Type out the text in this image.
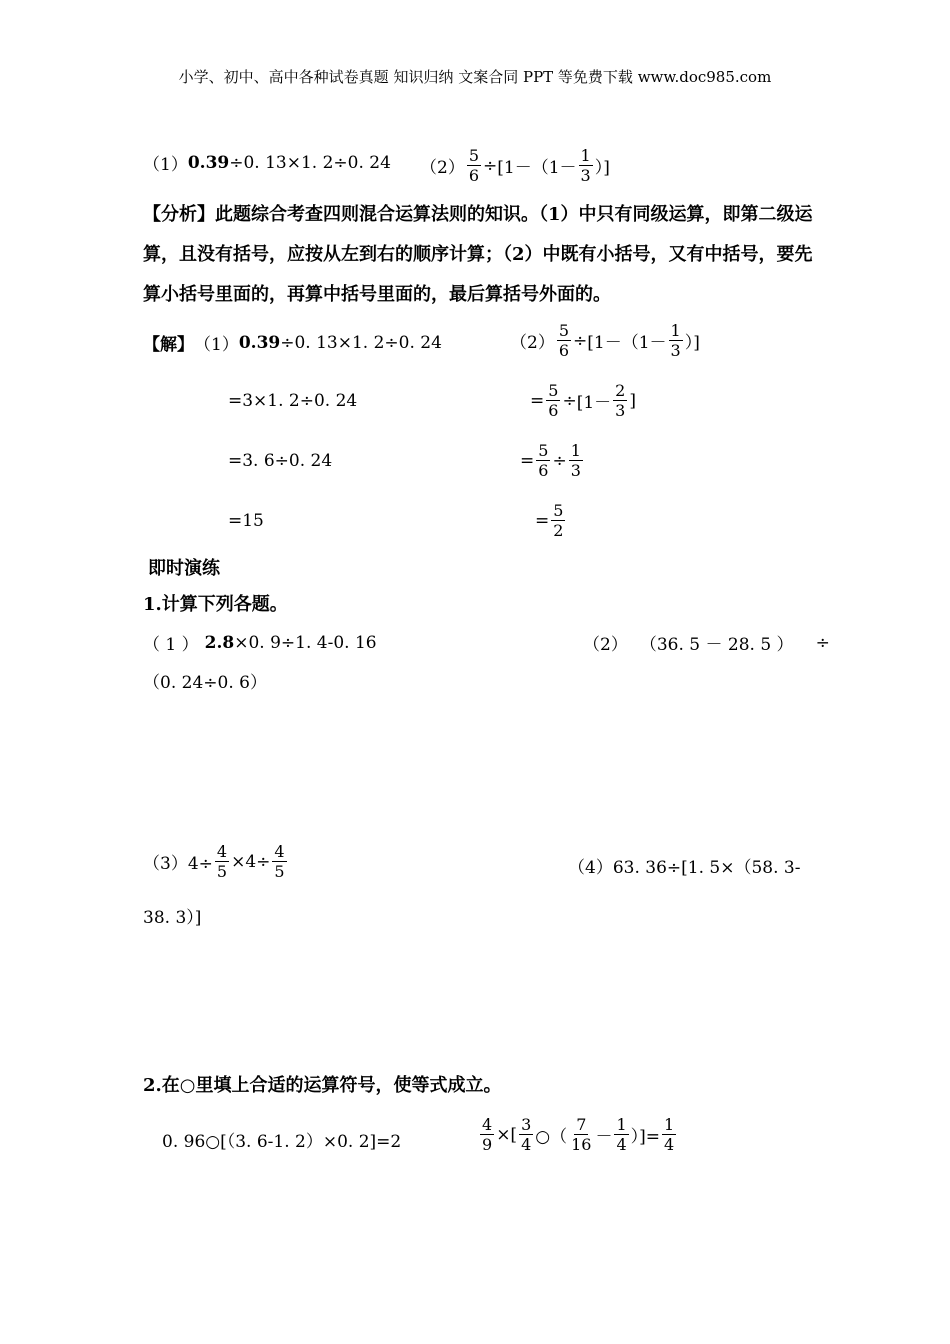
小学、初中、高中各种试卷真题 知识归纳 文案合同 PPT 等免费下载 www.doc985.com
（1） 0.39 ÷0. 13×1. 2÷0. 24 $(2) \frac{5}{6} \div [1-(1- \frac{1}{3}$ ）]
【分析】此题综合考查四则混合运算法则的知识。（1）中只有同级运算，即第二级运算，且没有括号，应按从左到右的顺序计算；（2）中既有小括号，又有中括号，要先算小括号里面的，再算中括号里面的，最后算括号外面的。
【解】 （1） 0.39 ÷0. 13×1. 2÷0. 24
=3×1. 2÷0. 24
=3. 6÷0. 24
=15
$(2) \frac{5}{6} \div [1-(1- \frac{1}{3}$ ）]
= $\frac{5}{6} \div [1- \frac{2}{3}$ ]
= $\frac{5}{6} \div \frac{1}{3}$
= $\frac{5}{2}$
即时演练
1.计算下列各题。
（ 1 ） 2.8 ×0. 9÷1. 4-0. 16	（2） （36. 5 － 28. 5 ） ÷
（0. 24÷0. 6）
$(3)4\div \frac{4}{5} \times 4\div \frac{4}{5}$	（4）63. 36÷[1. 5×（58. 3-
38. 3）]
2.在○里填上合适的运算符号，使等式成立。
0. 96○[（3. 6-1. 2）×0. 2]=2	$\frac{4}{9}$ ×[ $\frac{3}{4}$ ○（ $\frac{7}{16} - \frac{1}{4}$ ）]= $\frac{1}{4}$
